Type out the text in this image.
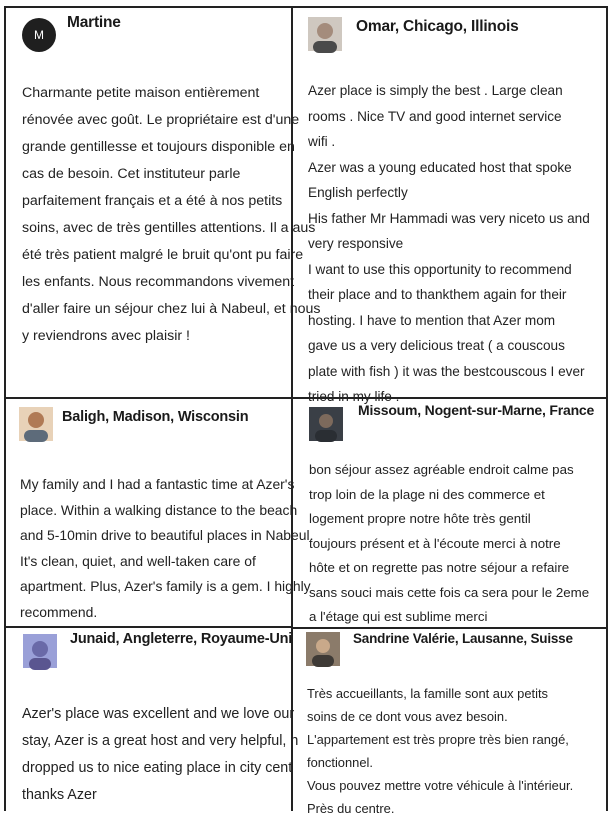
M
Martine
Charmante petite maison entièrement
rénovée avec goût. Le propriétaire est d'une
grande gentillesse et toujours disponible en
cas de besoin. Cet instituteur parle
parfaitement français et a été à nos petits
soins, avec de très gentilles attentions. Il a aus
été très patient malgré le bruit qu'ont pu faire
les enfants. Nous recommandons vivement
d'aller faire un séjour chez lui à Nabeul, et nous
y reviendrons avec plaisir !
Omar, Chicago, Illinois
Azer place is simply the best . Large clean
rooms . Nice TV and good internet service
wifi .
Azer was a young educated host that spoke
English perfectly
His father Mr Hammadi was very niceto us and
very responsive
I want to use this opportunity to recommend
their place and to thankthem again for their
hosting. I have to mention that Azer mom
gave us a very delicious treat ( a couscous
plate with fish ) it was the bestcouscous I ever
tried in my life .
Baligh, Madison, Wisconsin
My family and I had a fantastic time at Azer's
place. Within a walking distance to the beach
and 5-10min drive to beautiful places in Nabeul.
It's clean, quiet, and well-taken care of
apartment. Plus, Azer's family is a gem. I highly
recommend.
Missoum, Nogent-sur-Marne, France
bon séjour assez agréable endroit calme pas
trop loin de la plage ni des commerce et
logement propre notre hôte très gentil
toujours présent et à l'écoute merci à notre
hôte et on regrette pas notre séjour a refaire
sans souci mais cette fois ca sera pour le 2eme
a l'étage qui est sublime merci
Junaid, Angleterre, Royaume-Uni
Azer's place was excellent and we love our
stay, Azer is a great host and very helpful, h
dropped us to nice eating place in city cent
thanks Azer
Sandrine Valérie, Lausanne, Suisse
Très accueillants, la famille sont aux petits
soins de ce dont vous avez besoin.
L'appartement est très propre très bien rangé,
fonctionnel.
Vous pouvez mettre votre véhicule à l'intérieur.
Près du centre.
